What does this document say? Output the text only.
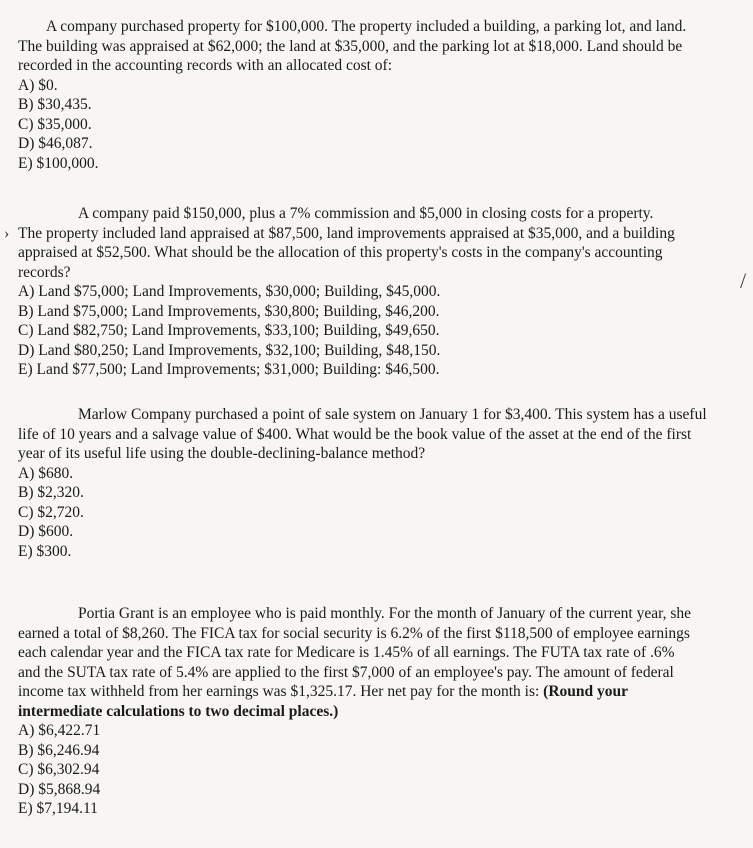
A company purchased property for $100,000. The property included a building, a parking lot, and land. The building was appraised at $62,000; the land at $35,000, and the parking lot at $18,000. Land should be recorded in the accounting records with an allocated cost of:

A) $0.
B) $30,435.
C) $35,000.
D) $46,087.
E) $100,000.

A company paid $150,000, plus a 7% commission and $5,000 in closing costs for a property. The property included land appraised at $87,500, land improvements appraised at $35,000, and a building appraised at $52,500. What should be the allocation of this property's costs in the company's accounting records?

A) Land $75,000; Land Improvements, $30,000; Building, $45,000.
B) Land $75,000; Land Improvements, $30,800; Building, $46,200.
C) Land $82,750; Land Improvements, $33,100; Building, $49,650.
D) Land $80,250; Land Improvements, $32,100; Building, $48,150.
E) Land $77,500; Land Improvements; $31,000; Building: $46,500.
›
/

Marlow Company purchased a point of sale system on January 1 for $3,400. This system has a useful life of 10 years and a salvage value of $400. What would be the book value of the asset at the end of the first year of its useful life using the double-declining-balance method?

A) $680.
B) $2,320.
C) $2,720.
D) $600.
E) $300.

Portia Grant is an employee who is paid monthly. For the month of January of the current year, she earned a total of $8,260. The FICA tax for social security is 6.2% of the first $118,500 of employee earnings each calendar year and the FICA tax rate for Medicare is 1.45% of all earnings. The FUTA tax rate of .6% and the SUTA tax rate of 5.4% are applied to the first $7,000 of an employee's pay. The amount of federal income tax withheld from her earnings was $1,325.17. Her net pay for the month is: (Round your intermediate calculations to two decimal places.)

A) $6,422.71
B) $6,246.94
C) $6,302.94
D) $5,868.94
E) $7,194.11
